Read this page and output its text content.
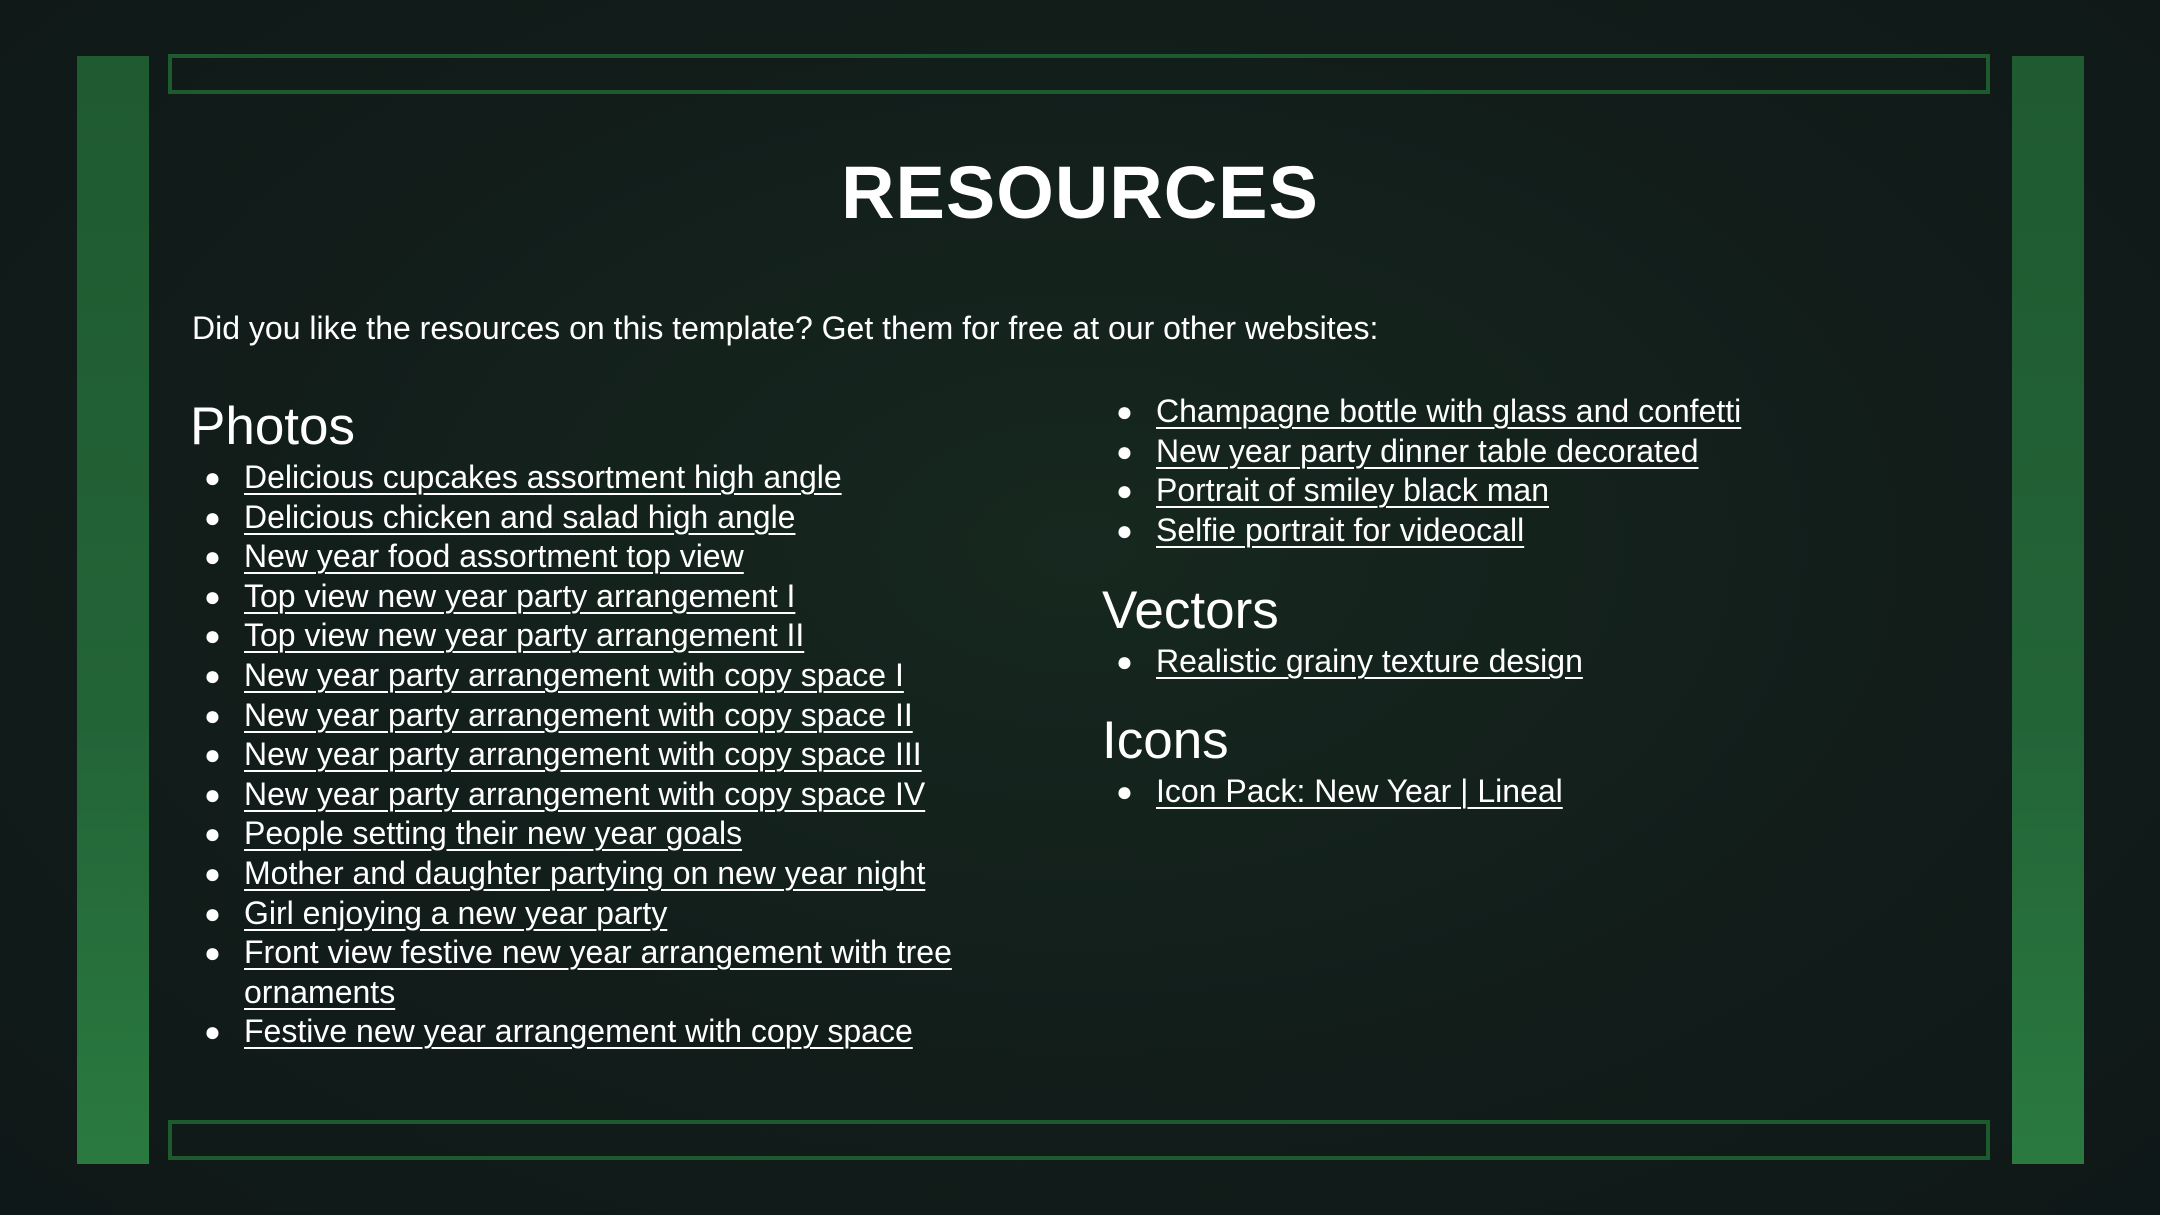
RESOURCES
Did you like the resources on this template? Get them for free at our other websites:
Photos
● Delicious cupcakes assortment high angle
● Delicious chicken and salad high angle
● New year food assortment top view
● Top view new year party arrangement I
● Top view new year party arrangement II
● New year party arrangement with copy space I
● New year party arrangement with copy space II
● New year party arrangement with copy space III
● New year party arrangement with copy space IV
● People setting their new year goals
● Mother and daughter partying on new year night
● Girl enjoying a new year party
● Front view festive new year arrangement with tree ornaments
● Festive new year arrangement with copy space
● Champagne bottle with glass and confetti
● New year party dinner table decorated
● Portrait of smiley black man
● Selfie portrait for videocall
Vectors
● Realistic grainy texture design
Icons
● Icon Pack: New Year | Lineal
